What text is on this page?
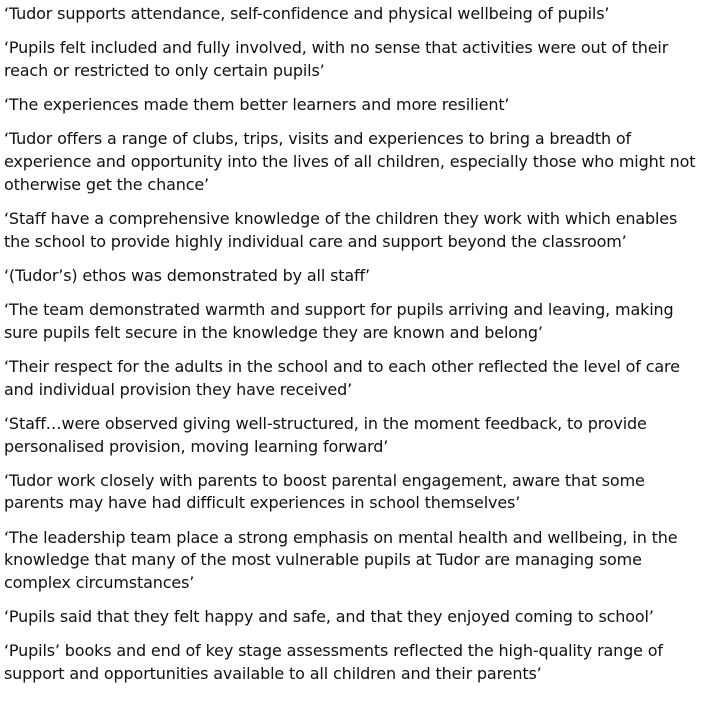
‘Tudor supports attendance, self-confidence and physical wellbeing of pupils’

‘Pupils felt included and fully involved, with no sense that activities were out of their reach or restricted to only certain pupils’

‘The experiences made them better learners and more resilient’

‘Tudor offers a range of clubs, trips, visits and experiences to bring a breadth of experience and opportunity into the lives of all children, especially those who might not otherwise get the chance’

‘Staff have a comprehensive knowledge of the children they work with which enables the school to provide highly individual care and support beyond the classroom’

‘(Tudor’s) ethos was demonstrated by all staff’

‘The team demonstrated warmth and support for pupils arriving and leaving, making sure pupils felt secure in the knowledge they are known and belong’

‘Their respect for the adults in the school and to each other reflected the level of care and individual provision they have received’

‘Staff…were observed giving well-structured, in the moment feedback, to provide personalised provision, moving learning forward’

‘Tudor work closely with parents to boost parental engagement, aware that some parents may have had difficult experiences in school themselves’

‘The leadership team place a strong emphasis on mental health and wellbeing, in the knowledge that many of the most vulnerable pupils at Tudor are managing some complex circumstances’

‘Pupils said that they felt happy and safe, and that they enjoyed coming to school’

‘Pupils’ books and end of key stage assessments reflected the high-quality range of support and opportunities available to all children and their parents’
